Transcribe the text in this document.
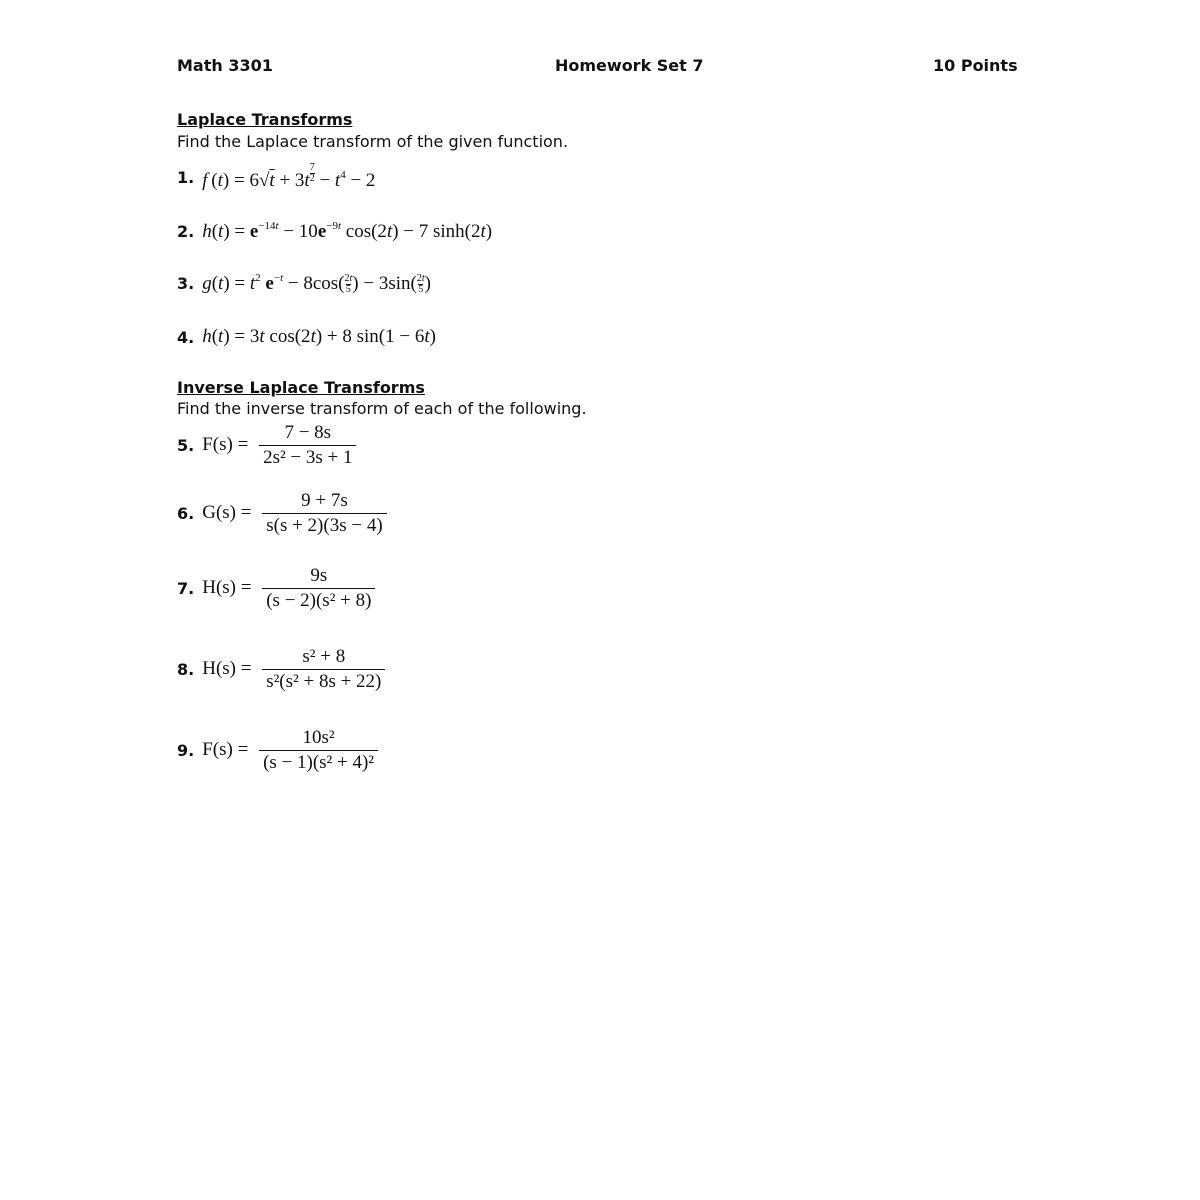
Math 3301	Homework Set 7	10 Points
Laplace Transforms
Find the Laplace transform of the given function.
1. f (t) = 6√t + 3t $^{\frac{7}{2}} - t^4 - 2$
2. $h(t) = e^{-14t} - 10e^{-9t}$ cos(2t) − 7 sinh(2t)
3. $g(t) = t^2$ $e^{-t} - 8\cos( \frac{2t}{5}$ ) − $3\sin( \frac{2t}{5}$ )
4. h(t) = 3t cos(2t) + 8 sin(1 − 6t)
Inverse Laplace Transforms
Find the inverse transform of each of the following.
5. $F(s) = \frac{7 - 8s}{\text{2s² − 3s + 1}}$
6. $G(s) = \frac{9 + 7s}{s(s + 2)(3s - 4)}$
7. $H(s) = \frac{9s}{\text{(s − 2)(s² + 8)}}$
8. $H(s) = \frac{\text{s² + 8}}{\text{s²(s² + 8s + 22)}}$
9. $F(s) = \frac{\text{10s²}}{\text{(s − 1)(s² + 4)²}}$
